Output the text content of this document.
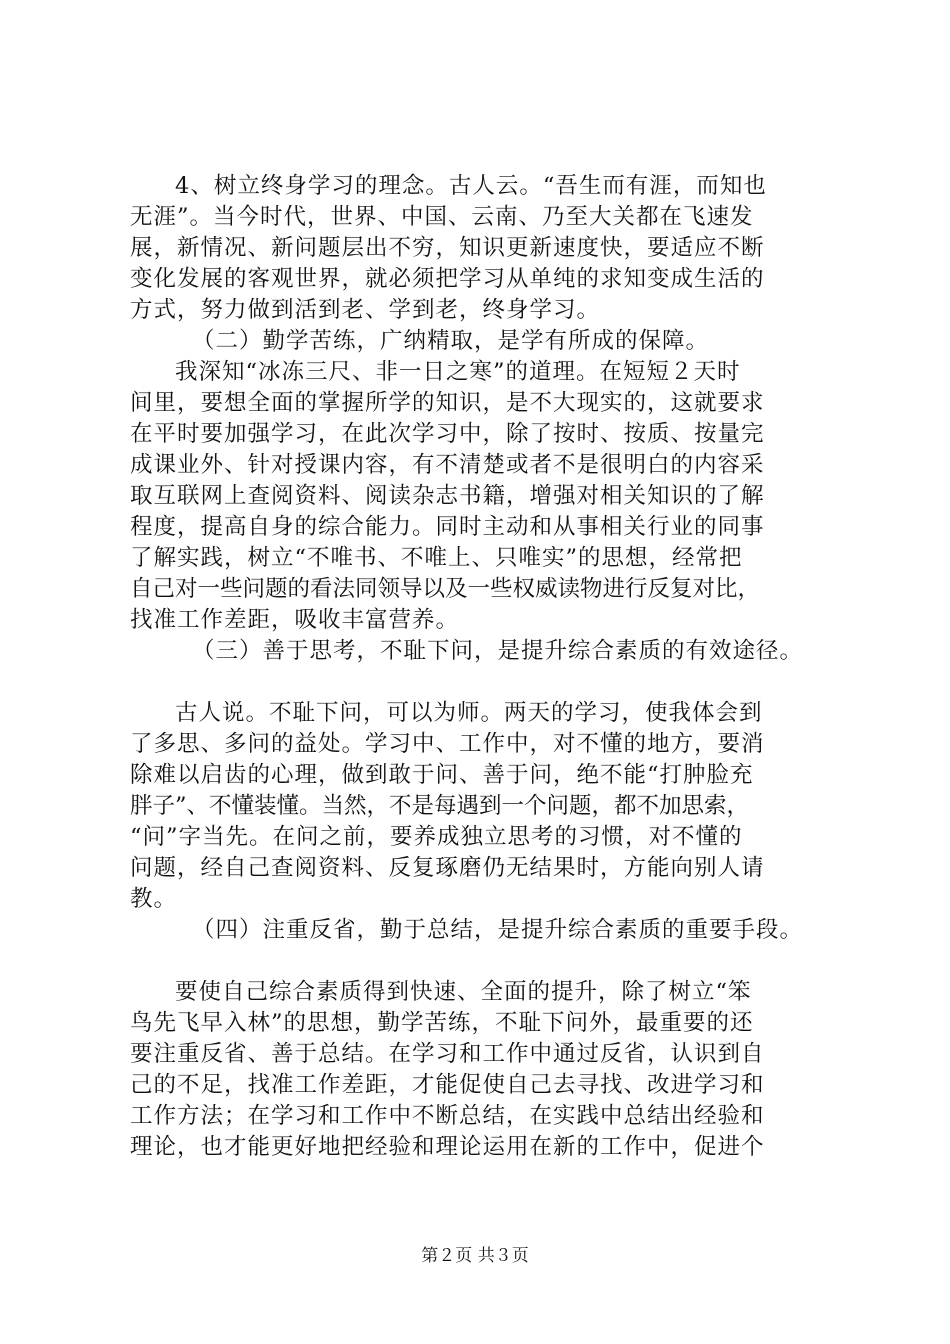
4、树立终身学习的理念。古人云。“吾生而有涯，而知也
无涯”。当今时代，世界、中国、云南、乃至大关都在飞速发
展，新情况、新问题层出不穷，知识更新速度快，要适应不断
变化发展的客观世界，就必须把学习从单纯的求知变成生活的
方式，努力做到活到老、学到老，终身学习。

（二）勤学苦练，广纳精取，是学有所成的保障。

我深知“冰冻三尺、非一日之寒”的道理。在短短２天时
间里，要想全面的掌握所学的知识，是不大现实的，这就要求
在平时要加强学习，在此次学习中，除了按时、按质、按量完
成课业外、针对授课内容，有不清楚或者不是很明白的内容采
取互联网上查阅资料、阅读杂志书籍，增强对相关知识的了解
程度，提高自身的综合能力。同时主动和从事相关行业的同事
了解实践，树立“不唯书、不唯上、只唯实”的思想，经常把
自己对一些问题的看法同领导以及一些权威读物进行反复对比，
找准工作差距，吸收丰富营养。

（三）善于思考，不耻下问，是提升综合素质的有效途径。

古人说。不耻下问，可以为师。两天的学习，使我体会到
了多思、多问的益处。学习中、工作中，对不懂的地方，要消
除难以启齿的心理，做到敢于问、善于问，绝不能“打肿脸充
胖子”、不懂装懂。当然，不是每遇到一个问题，都不加思索，
“问”字当先。在问之前，要养成独立思考的习惯，对不懂的
问题，经自己查阅资料、反复琢磨仍无结果时，方能向别人请
教。

（四）注重反省，勤于总结，是提升综合素质的重要手段。

要使自己综合素质得到快速、全面的提升，除了树立“笨
鸟先飞早入林”的思想，勤学苦练，不耻下问外，最重要的还
要注重反省、善于总结。在学习和工作中通过反省，认识到自
己的不足，找准工作差距，才能促使自己去寻找、改进学习和
工作方法；在学习和工作中不断总结，在实践中总结出经验和
理论，也才能更好地把经验和理论运用在新的工作中，促进个

第２页 共３页
